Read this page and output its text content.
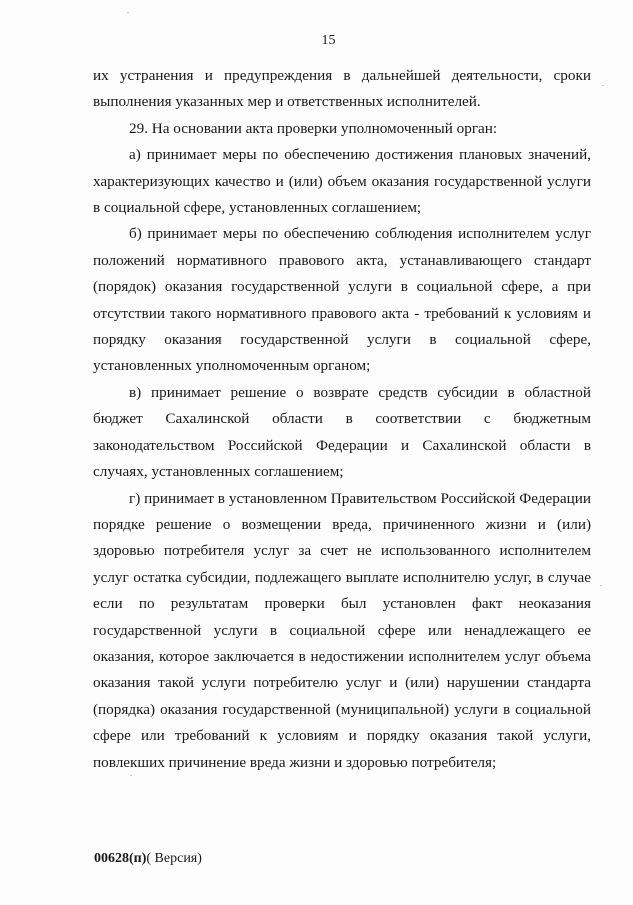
15

их устранения и предупреждения в дальнейшей деятельности, сроки выполнения указанных мер и ответственных исполнителей.

29. На основании акта проверки уполномоченный орган:

а) принимает меры по обеспечению достижения плановых значений, характеризующих качество и (или) объем оказания государственной услуги в социальной сфере, установленных соглашением;

б) принимает меры по обеспечению соблюдения исполнителем услуг положений нормативного правового акта, устанавливающего стандарт (порядок) оказания государственной услуги в социальной сфере, а при отсутствии такого нормативного правового акта - требований к условиям и порядку оказания государственной услуги в социальной сфере, установленных уполномоченным органом;

в) принимает решение о возврате средств субсидии в областной бюджет Сахалинской области в соответствии с бюджетным законодательством Российской Федерации и Сахалинской области в случаях, установленных соглашением;

г) принимает в установленном Правительством Российской Федерации порядке решение о возмещении вреда, причиненного жизни и (или) здоровью потребителя услуг за счет не использованного исполнителем услуг остатка субсидии, подлежащего выплате исполнителю услуг, в случае если по результатам проверки был установлен факт неоказания государственной услуги в социальной сфере или ненадлежащего ее оказания, которое заключается в недостижении исполнителем услуг объема оказания такой услуги потребителю услуг и (или) нарушении стандарта (порядка) оказания государственной (муниципальной) услуги в социальной сфере или требований к условиям и порядку оказания такой услуги, повлекших причинение вреда жизни и здоровью потребителя;

00628(п)( Версия)
